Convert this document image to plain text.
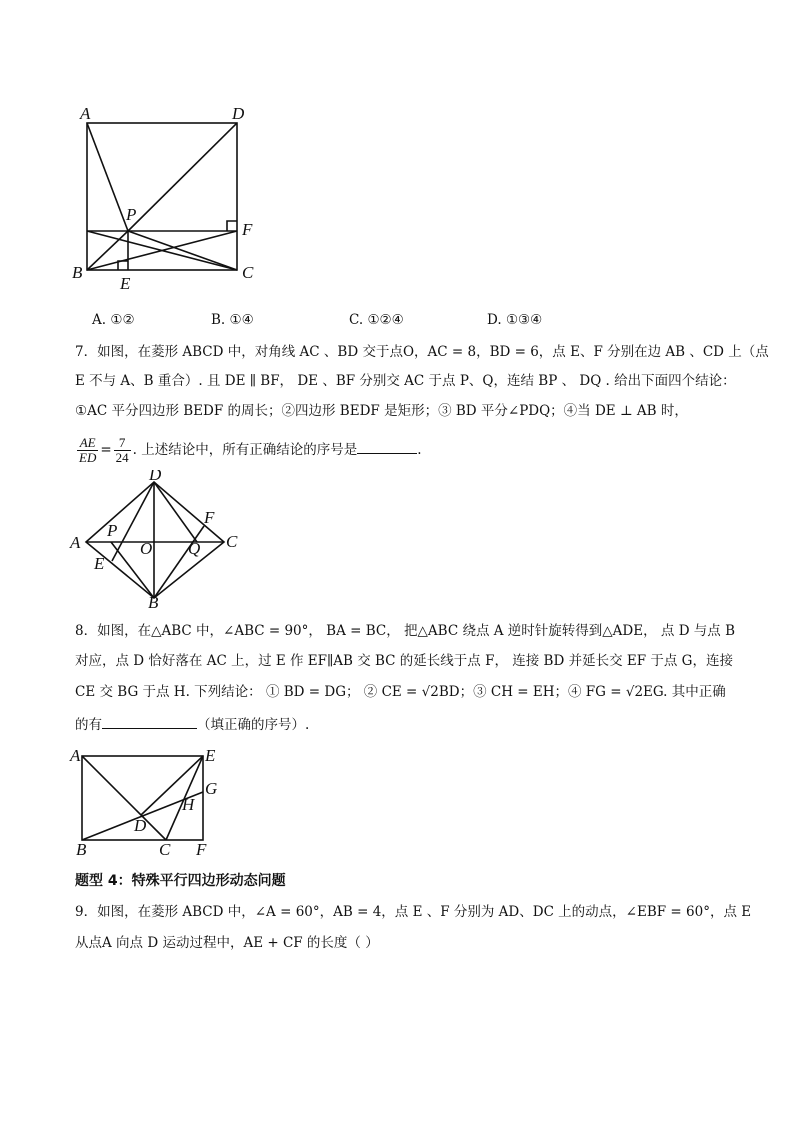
A	D
P
F
B
E
C
A. ①②	B. ①④	C. ①②④	D. ①③④
7．如图，在菱形 ABCD 中，对角线 AC 、BD 交于点O，AC = 8，BD = 6，点 E、F 分别在边 AB 、CD 上（点
E 不与 A、B 重合）. 且 DE ∥ BF， DE 、BF 分别交 AC 于点 P、Q，连结 BP 、 DQ . 给出下面四个结论：
①AC 平分四边形 BEDF 的周长；②四边形 BEDF 是矩形；③ BD 平分∠PDQ；④当 DE ⊥ AB 时，
$\frac{AE}{ED} = \frac{7}{24}$ . 上述结论中，所有正确结论的序号是	.
D
F
P
A	O Q C
E
B
8．如图，在△ABC 中，∠ABC = 90°， BA = BC， 把△ABC 绕点 A 逆时针旋转得到△ADE， 点 D 与点 B
对应，点 D 恰好落在 AC 上，过 E 作 EF∥AB 交 BC 的延长线于点 F， 连接 BD 并延长交 EF 于点 G，连接
CE 交 BG 于点 H. 下列结论： ① BD = DG； ② CE = √2BD；③ CH = EH；④ FG = √2EG. 其中正确
的有	（填正确的序号）.
A	E
G
H
D
B	C F
题型 4：特殊平行四边形动态问题
9．如图，在菱形 ABCD 中，∠A = 60°，AB = 4，点 E 、F 分别为 AD、DC 上的动点，∠EBF = 60°，点 E
从点A 向点 D 运动过程中，AE + CF 的长度（ ）
